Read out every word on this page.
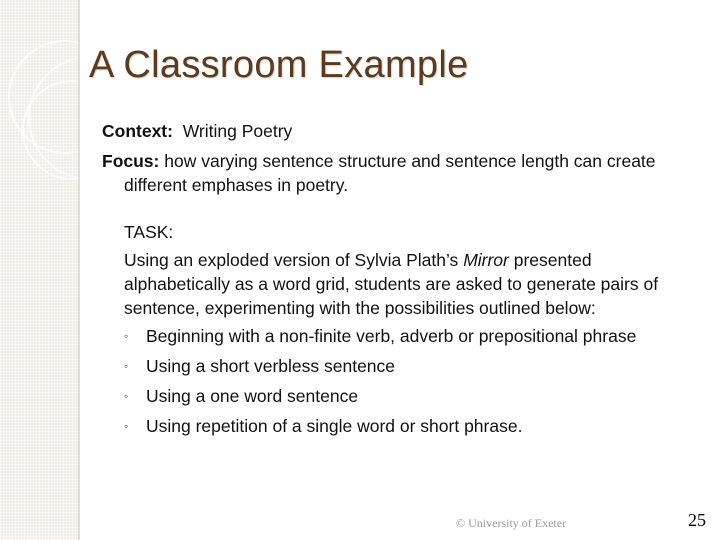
A Classroom Example

Context: Writing Poetry

Focus: how varying sentence structure and sentence length can create different emphases in poetry.

TASK:
Using an exploded version of Sylvia Plath’s Mirror presented alphabetically as a word grid, students are asked to generate pairs of sentence, experimenting with the possibilities outlined below:
◦	Beginning with a non-finite verb, adverb or prepositional phrase
◦	Using a short verbless sentence
◦	Using a one word sentence
◦	Using repetition of a single word or short phrase.
© University of Exeter	25
